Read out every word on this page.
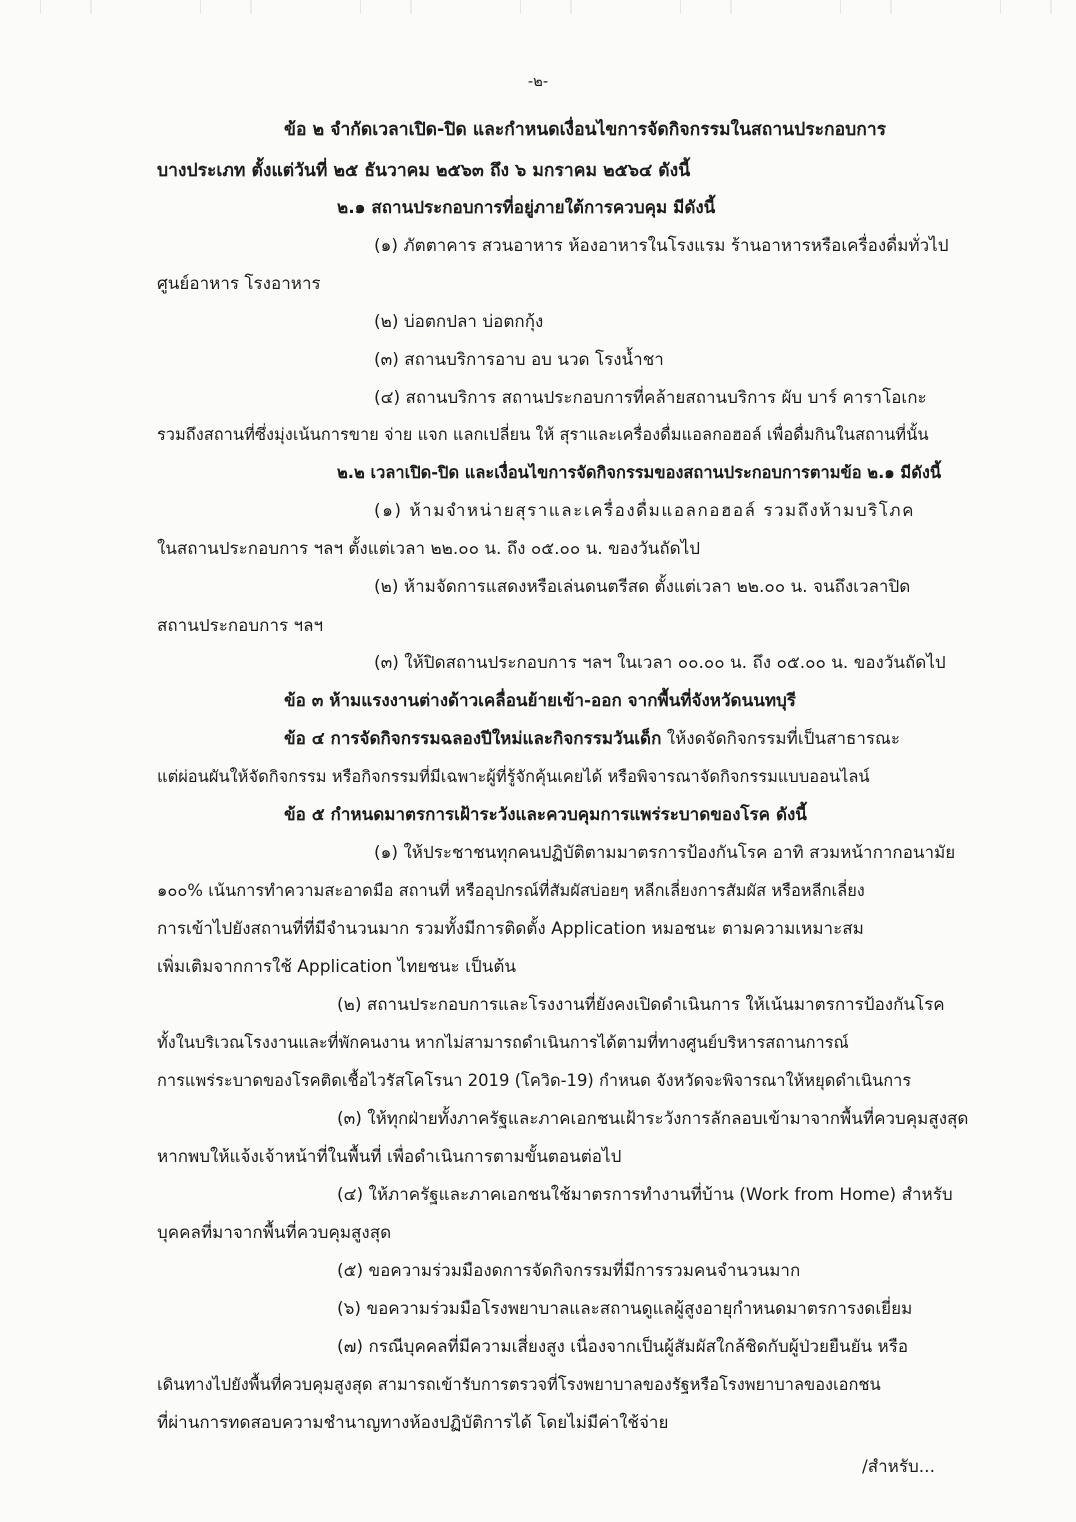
-๒-
ข้อ ๒ จำกัดเวลาเปิด-ปิด และกำหนดเงื่อนไขการจัดกิจกรรมในสถานประกอบการ
บางประเภท ตั้งแต่วันที่ ๒๕ ธันวาคม ๒๕๖๓ ถึง ๖ มกราคม ๒๕๖๔ ดังนี้
๒.๑ สถานประกอบการที่อยู่ภายใต้การควบคุม มีดังนี้
(๑) ภัตตาคาร สวนอาหาร ห้องอาหารในโรงแรม ร้านอาหารหรือเครื่องดื่มทั่วไป
ศูนย์อาหาร โรงอาหาร
(๒) บ่อตกปลา บ่อตกกุ้ง
(๓) สถานบริการอาบ อบ นวด โรงน้ำชา
(๔) สถานบริการ สถานประกอบการที่คล้ายสถานบริการ ผับ บาร์ คาราโอเกะ
รวมถึงสถานที่ซึ่งมุ่งเน้นการขาย จ่าย แจก แลกเปลี่ยน ให้ สุราและเครื่องดื่มแอลกอฮอล์ เพื่อดื่มกินในสถานที่นั้น
๒.๒ เวลาเปิด-ปิด และเงื่อนไขการจัดกิจกรรมของสถานประกอบการตามข้อ ๒.๑ มีดังนี้
(๑) ห้ามจำหน่ายสุราและเครื่องดื่มแอลกอฮอล์ รวมถึงห้ามบริโภค
ในสถานประกอบการ ฯลฯ ตั้งแต่เวลา ๒๒.๐๐ น. ถึง ๐๕.๐๐ น. ของวันถัดไป
(๒) ห้ามจัดการแสดงหรือเล่นดนตรีสด ตั้งแต่เวลา ๒๒.๐๐ น. จนถึงเวลาปิด
สถานประกอบการ ฯลฯ
(๓) ให้ปิดสถานประกอบการ ฯลฯ ในเวลา ๐๐.๐๐ น. ถึง ๐๕.๐๐ น. ของวันถัดไป
ข้อ ๓ ห้ามแรงงานต่างด้าวเคลื่อนย้ายเข้า-ออก จากพื้นที่จังหวัดนนทบุรี
ข้อ ๔ การจัดกิจกรรมฉลองปีใหม่และกิจกรรมวันเด็ก ให้งดจัดกิจกรรมที่เป็นสาธารณะ
แต่ผ่อนผันให้จัดกิจกรรม หรือกิจกรรมที่มีเฉพาะผู้ที่รู้จักคุ้นเคยได้ หรือพิจารณาจัดกิจกรรมแบบออนไลน์
ข้อ ๕ กำหนดมาตรการเฝ้าระวังและควบคุมการแพร่ระบาดของโรค ดังนี้
(๑) ให้ประชาชนทุกคนปฏิบัติตามมาตรการป้องกันโรค อาทิ สวมหน้ากากอนามัย
๑๐๐% เน้นการทำความสะอาดมือ สถานที่ หรืออุปกรณ์ที่สัมผัสบ่อยๆ หลีกเลี่ยงการสัมผัส หรือหลีกเลี่ยง
การเข้าไปยังสถานที่ที่มีจำนวนมาก รวมทั้งมีการติดตั้ง Application หมอชนะ ตามความเหมาะสม
เพิ่มเติมจากการใช้ Application ไทยชนะ เป็นต้น
(๒) สถานประกอบการและโรงงานที่ยังคงเปิดดำเนินการ ให้เน้นมาตรการป้องกันโรค
ทั้งในบริเวณโรงงานและที่พักคนงาน หากไม่สามารถดำเนินการได้ตามที่ทางศูนย์บริหารสถานการณ์
การแพร่ระบาดของโรคติดเชื้อไวรัสโคโรนา 2019 (โควิด-19) กำหนด จังหวัดจะพิจารณาให้หยุดดำเนินการ
(๓) ให้ทุกฝ่ายทั้งภาครัฐและภาคเอกชนเฝ้าระวังการลักลอบเข้ามาจากพื้นที่ควบคุมสูงสุด
หากพบให้แจ้งเจ้าหน้าที่ในพื้นที่ เพื่อดำเนินการตามขั้นตอนต่อไป
(๔) ให้ภาครัฐและภาคเอกชนใช้มาตรการทำงานที่บ้าน (Work from Home) สำหรับ
บุคคลที่มาจากพื้นที่ควบคุมสูงสุด
(๕) ขอความร่วมมืองดการจัดกิจกรรมที่มีการรวมคนจำนวนมาก
(๖) ขอความร่วมมือโรงพยาบาลและสถานดูแลผู้สูงอายุกำหนดมาตรการงดเยี่ยม
(๗) กรณีบุคคลที่มีความเสี่ยงสูง เนื่องจากเป็นผู้สัมผัสใกล้ชิดกับผู้ป่วยยืนยัน หรือ
เดินทางไปยังพื้นที่ควบคุมสูงสุด สามารถเข้ารับการตรวจที่โรงพยาบาลของรัฐหรือโรงพยาบาลของเอกชน
ที่ผ่านการทดสอบความชำนาญทางห้องปฏิบัติการได้ โดยไม่มีค่าใช้จ่าย
/สำหรับ...
